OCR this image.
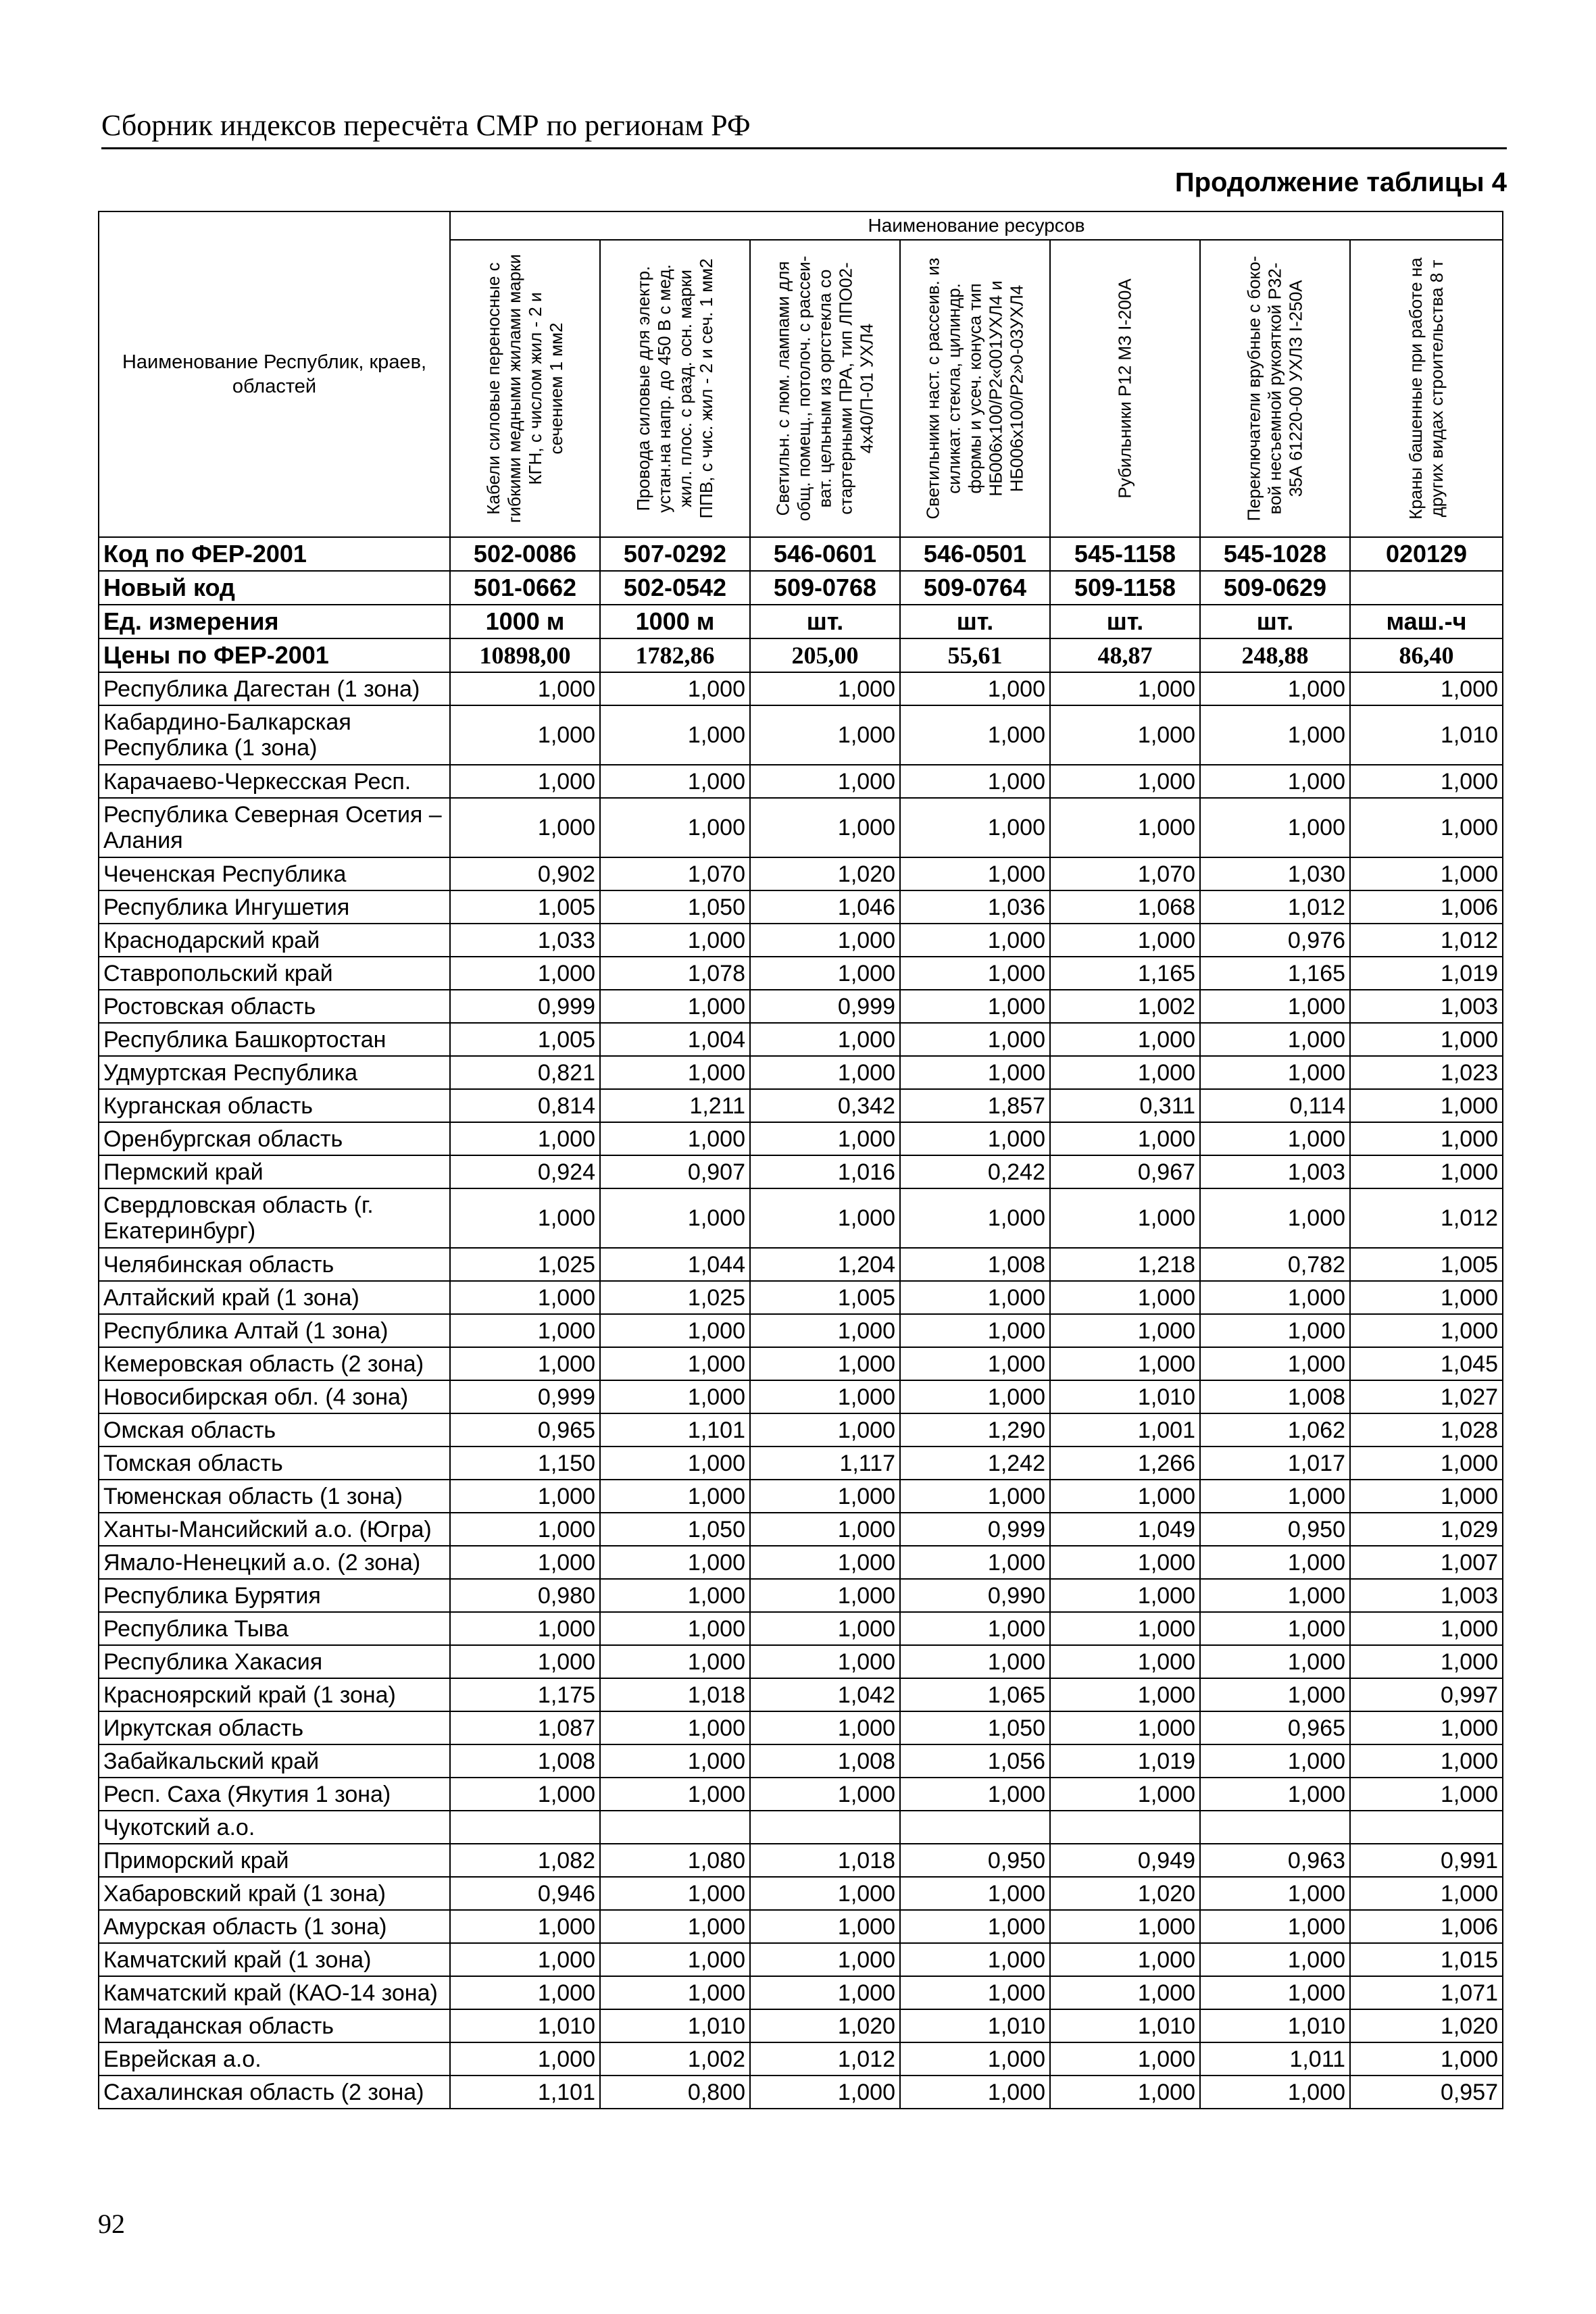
Сборник индексов пересчёта СМР по регионам РФ
Продолжение таблицы 4
Наименование Республик, краев, областей	Наименование ресурсов						

	Кабели силовые переносные с гибкими медными жилами марки КГН, с числом жил - 2 и сечением 1 мм2	Провода силовые для электр. устан.на напр. до 450 В с мед. жил. плос. с разд. осн. марки ППВ, с чис. жил - 2 и сеч. 1 мм2	Светильн. с люм. лампами для общ. помещ., потолоч. с рассеи-ват. цельным из оргстекла со стартерными ПРА, тип ЛПО02-4х40/П-01 УХЛ4	Светильники наст. с рассеив. из силикат. стекла, цилиндр. формы и усеч. конуса тип НБ006х100/Р2«001УХЛ4 и НБ006х100/Р2»0-03УХЛ4	Рубильники Р12 МЗ I-200А	Переключатели врубные с боко-вой несъемной рукояткой Р32-35А 61220-00 УХЛЗ I-250А	Краны башенные при работе на других видах строительства 8 т

Код по ФЕР-2001	502-0086	507-0292	546-0601	546-0501	545-1158	545-1028	020129
Новый код	501-0662	502-0542	509-0768	509-0764	509-1158	509-0629	
Ед. измерения	1000 м	1000 м	шт.	шт.	шт.	шт.	маш.-ч
Цены по ФЕР-2001	10898,00	1782,86	205,00	55,61	48,87	248,88	86,40
Республика Дагестан (1 зона)	1,000	1,000	1,000	1,000	1,000	1,000	1,000
Кабардино-Балкарская Республика (1 зона)	1,000	1,000	1,000	1,000	1,000	1,000	1,010
Карачаево-Черкесская Респ.	1,000	1,000	1,000	1,000	1,000	1,000	1,000
Республика Северная Осетия – Алания	1,000	1,000	1,000	1,000	1,000	1,000	1,000
Чеченская Республика	0,902	1,070	1,020	1,000	1,070	1,030	1,000
Республика Ингушетия	1,005	1,050	1,046	1,036	1,068	1,012	1,006
Краснодарский край	1,033	1,000	1,000	1,000	1,000	0,976	1,012
Ставропольский край	1,000	1,078	1,000	1,000	1,165	1,165	1,019
Ростовская область	0,999	1,000	0,999	1,000	1,002	1,000	1,003
Республика Башкортостан	1,005	1,004	1,000	1,000	1,000	1,000	1,000
Удмуртская Республика	0,821	1,000	1,000	1,000	1,000	1,000	1,023
Курганская область	0,814	1,211	0,342	1,857	0,311	0,114	1,000
Оренбургская область	1,000	1,000	1,000	1,000	1,000	1,000	1,000
Пермский край	0,924	0,907	1,016	0,242	0,967	1,003	1,000
Свердловская область (г. Екатеринбург)	1,000	1,000	1,000	1,000	1,000	1,000	1,012
Челябинская область	1,025	1,044	1,204	1,008	1,218	0,782	1,005
Алтайский край (1 зона)	1,000	1,025	1,005	1,000	1,000	1,000	1,000
Республика Алтай (1 зона)	1,000	1,000	1,000	1,000	1,000	1,000	1,000
Кемеровская область (2 зона)	1,000	1,000	1,000	1,000	1,000	1,000	1,045
Новосибирская обл. (4 зона)	0,999	1,000	1,000	1,000	1,010	1,008	1,027
Омская область	0,965	1,101	1,000	1,290	1,001	1,062	1,028
Томская область	1,150	1,000	1,117	1,242	1,266	1,017	1,000
Тюменская область (1 зона)	1,000	1,000	1,000	1,000	1,000	1,000	1,000
Ханты-Мансийский а.о. (Югра)	1,000	1,050	1,000	0,999	1,049	0,950	1,029
Ямало-Ненецкий а.о. (2 зона)	1,000	1,000	1,000	1,000	1,000	1,000	1,007
Республика Бурятия	0,980	1,000	1,000	0,990	1,000	1,000	1,003
Республика Тыва	1,000	1,000	1,000	1,000	1,000	1,000	1,000
Республика Хакасия	1,000	1,000	1,000	1,000	1,000	1,000	1,000
Красноярский край (1 зона)	1,175	1,018	1,042	1,065	1,000	1,000	0,997
Иркутская область	1,087	1,000	1,000	1,050	1,000	0,965	1,000
Забайкальский край	1,008	1,000	1,008	1,056	1,019	1,000	1,000
Респ. Саха (Якутия 1 зона)	1,000	1,000	1,000	1,000	1,000	1,000	1,000
Чукотский а.о.							
Приморский край	1,082	1,080	1,018	0,950	0,949	0,963	0,991
Хабаровский край (1 зона)	0,946	1,000	1,000	1,000	1,020	1,000	1,000
Амурская область (1 зона)	1,000	1,000	1,000	1,000	1,000	1,000	1,006
Камчатский край (1 зона)	1,000	1,000	1,000	1,000	1,000	1,000	1,015
Камчатский край (КАО-14 зона)	1,000	1,000	1,000	1,000	1,000	1,000	1,071
Магаданская область	1,010	1,010	1,020	1,010	1,010	1,010	1,020
Еврейская а.о.	1,000	1,002	1,012	1,000	1,000	1,011	1,000
Сахалинская область (2 зона)	1,101	0,800	1,000	1,000	1,000	1,000	0,957
92
